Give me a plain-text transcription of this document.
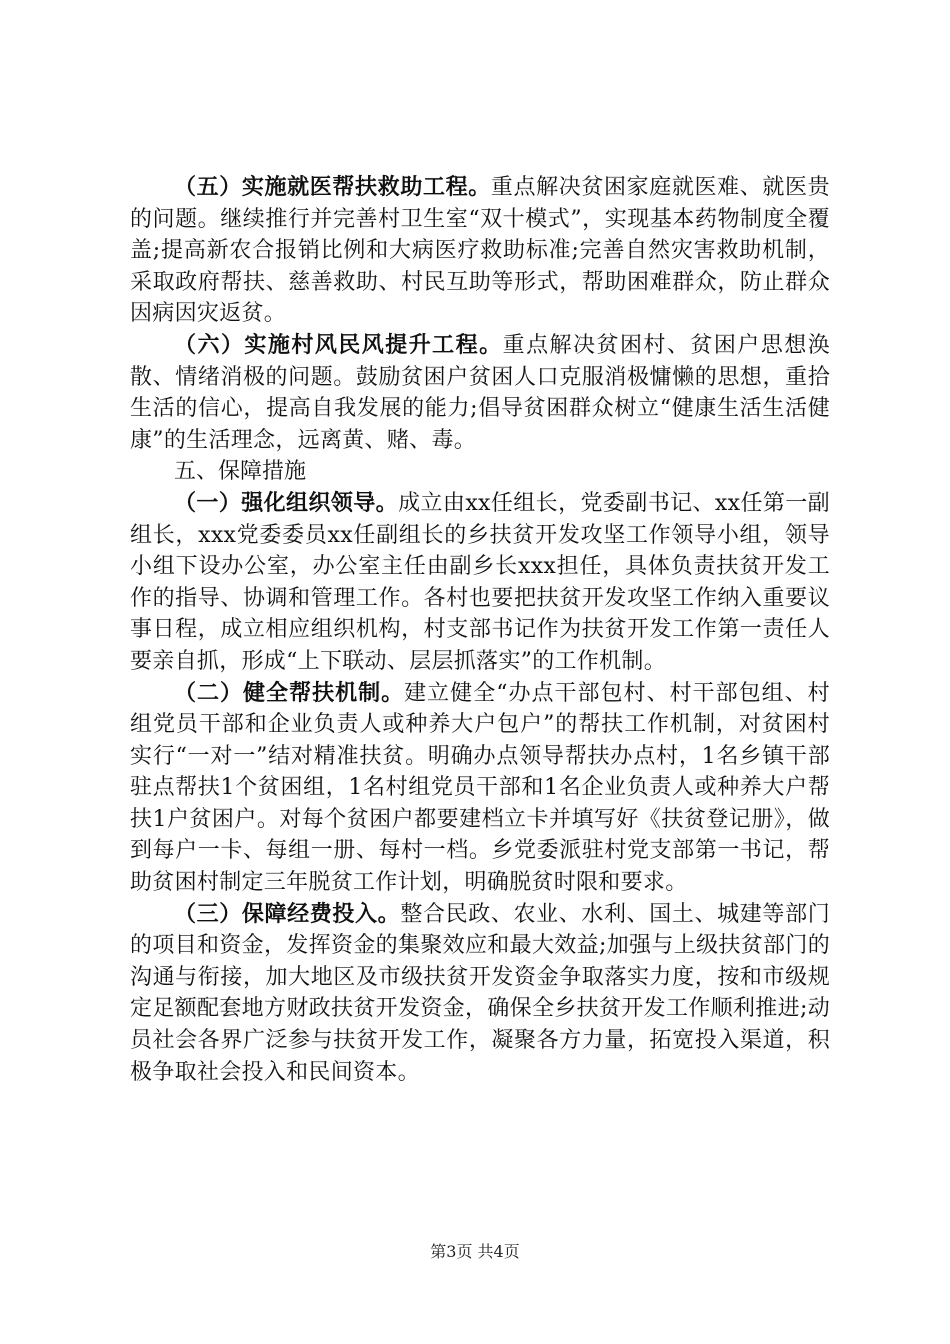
（五）实施就医帮扶救助工程。重点解决贫困家庭就医难、就医贵的问题。继续推行并完善村卫生室“双十模式”，实现基本药物制度全覆盖;提高新农合报销比例和大病医疗救助标准;完善自然灾害救助机制，采取政府帮扶、慈善救助、村民互助等形式，帮助困难群众，防止群众因病因灾返贫。

（六）实施村风民风提升工程。重点解决贫困村、贫困户思想涣散、情绪消极的问题。鼓励贫困户贫困人口克服消极慵懒的思想，重拾生活的信心，提高自我发展的能力;倡导贫困群众树立“健康生活生活健康”的生活理念，远离黄、赌、毒。

五、保障措施

（一）强化组织领导。成立由xx任组长，党委副书记、xx任第一副组长，xxx党委委员xx任副组长的乡扶贫开发攻坚工作领导小组，领导小组下设办公室，办公室主任由副乡长xxx担任，具体负责扶贫开发工作的指导、协调和管理工作。各村也要把扶贫开发攻坚工作纳入重要议事日程，成立相应组织机构，村支部书记作为扶贫开发工作第一责任人要亲自抓，形成“上下联动、层层抓落实”的工作机制。

（二）健全帮扶机制。建立健全“办点干部包村、村干部包组、村组党员干部和企业负责人或种养大户包户”的帮扶工作机制，对贫困村实行“一对一”结对精准扶贫。明确办点领导帮扶办点村，1名乡镇干部驻点帮扶1个贫困组，1名村组党员干部和1名企业负责人或种养大户帮扶1户贫困户。对每个贫困户都要建档立卡并填写好《扶贫登记册》，做到每户一卡、每组一册、每村一档。乡党委派驻村党支部第一书记，帮助贫困村制定三年脱贫工作计划，明确脱贫时限和要求。

（三）保障经费投入。整合民政、农业、水利、国土、城建等部门的项目和资金，发挥资金的集聚效应和最大效益;加强与上级扶贫部门的沟通与衔接，加大地区及市级扶贫开发资金争取落实力度，按和市级规定足额配套地方财政扶贫开发资金，确保全乡扶贫开发工作顺利推进;动员社会各界广泛参与扶贫开发工作，凝聚各方力量，拓宽投入渠道，积极争取社会投入和民间资本。

第3页 共4页
